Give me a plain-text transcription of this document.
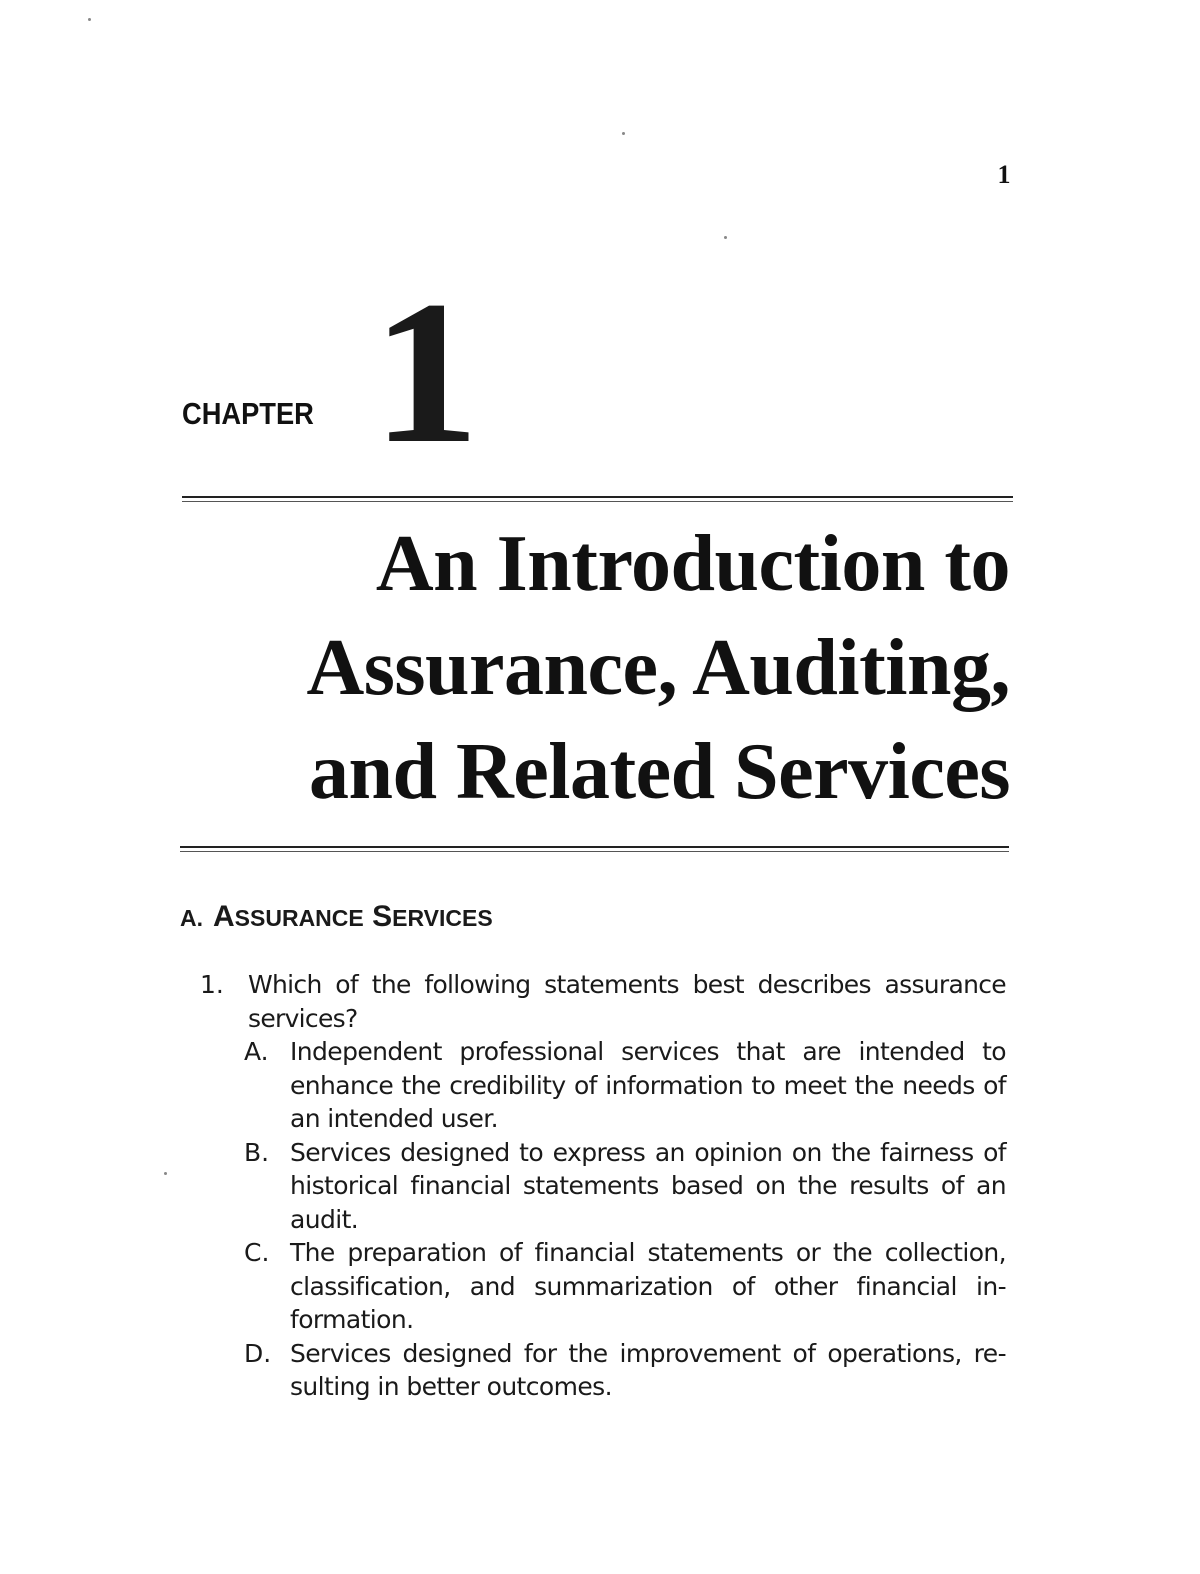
1
CHAPTER 1
An Introduction to
Assurance, Auditing,
and Related Services
A. ASSURANCE SERVICES
1. Which of the following statements best describes assurance services?
A. Independent professional services that are intended to enhance the credibility of information to meet the needs of an intended user.
B. Services designed to express an opinion on the fairness of historical financial statements based on the results of an audit.
C. The preparation of financial statements or the collection, classification, and summarization of other financial in-formation.
D. Services designed for the improvement of operations, re-sulting in better outcomes.
